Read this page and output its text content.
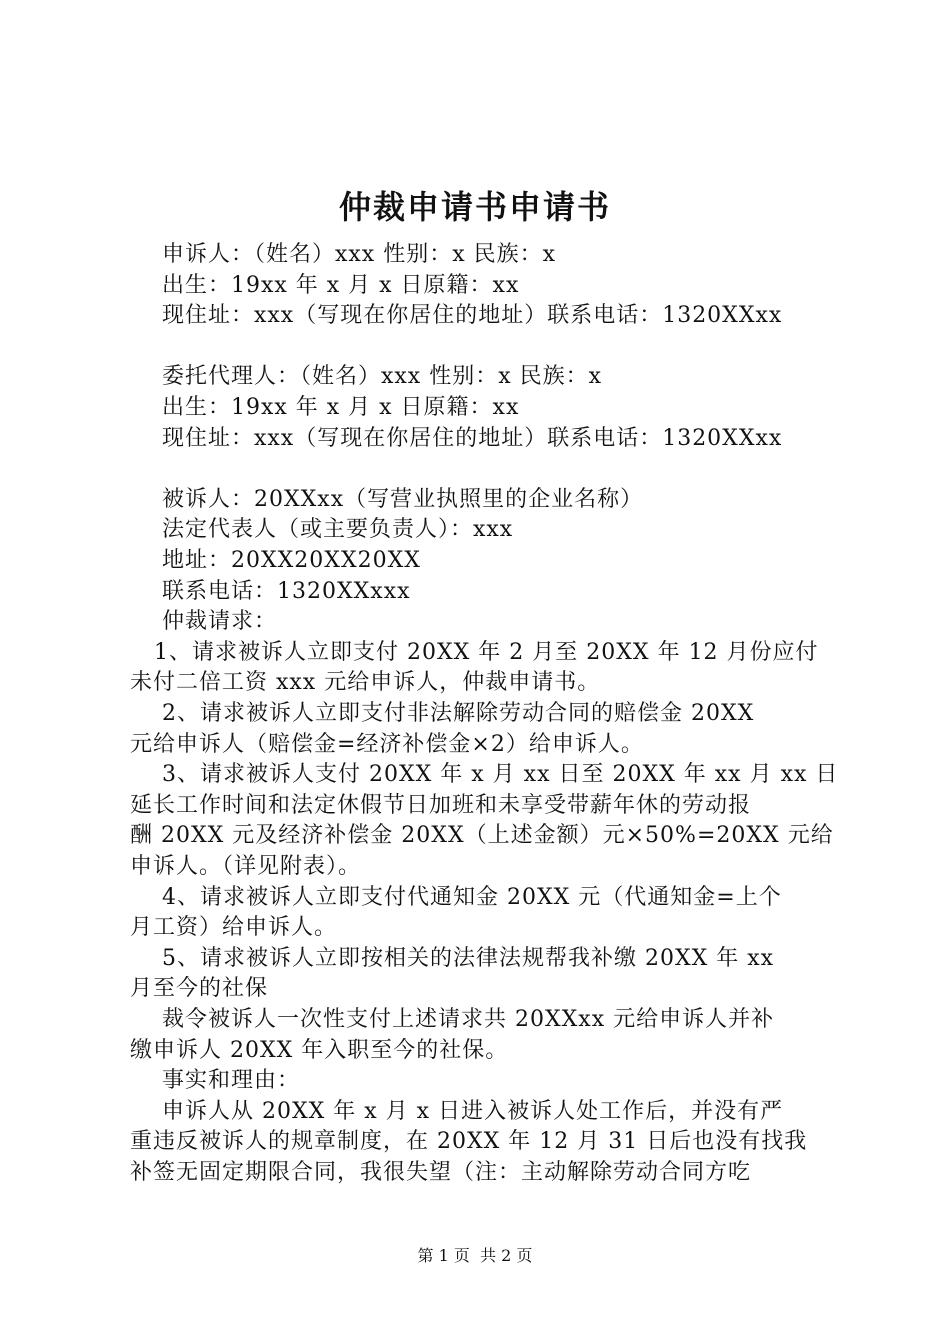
仲裁申请书申请书
申诉人：（姓名）xxx 性别：x 民族：x
出生：19xx 年 x 月 x 日原籍：xx
现住址：xxx（写现在你居住的地址）联系电话：1320XXxx
委托代理人：（姓名）xxx 性别：x 民族：x
出生：19xx 年 x 月 x 日原籍：xx
现住址：xxx（写现在你居住的地址）联系电话：1320XXxx
被诉人：20XXxx（写营业执照里的企业名称）
法定代表人（或主要负责人）：xxx
地址：20XX20XX20XX
联系电话：1320XXxxx
仲裁请求：
1、请求被诉人立即支付 20XX 年 2 月至 20XX 年 12 月份应付
未付二倍工资 xxx 元给申诉人，仲裁申请书。
2、请求被诉人立即支付非法解除劳动合同的赔偿金 20XX
元给申诉人（赔偿金=经济补偿金×2）给申诉人。
3、请求被诉人支付 20XX 年 x 月 xx 日至 20XX 年 xx 月 xx 日
延长工作时间和法定休假节日加班和未享受带薪年休的劳动报
酬 20XX 元及经济补偿金 20XX（上述金额）元×50%=20XX 元给
申诉人。（详见附表）。
4、请求被诉人立即支付代通知金 20XX 元（代通知金=上个
月工资）给申诉人。
5、请求被诉人立即按相关的法律法规帮我补缴 20XX 年 xx
月至今的社保
裁令被诉人一次性支付上述请求共 20XXxx 元给申诉人并补
缴申诉人 20XX 年入职至今的社保。
事实和理由：
申诉人从 20XX 年 x 月 x 日进入被诉人处工作后，并没有严
重违反被诉人的规章制度，在 20XX 年 12 月 31 日后也没有找我
补签无固定期限合同，我很失望（注：主动解除劳动合同方吃
第 1 页  共 2 页
